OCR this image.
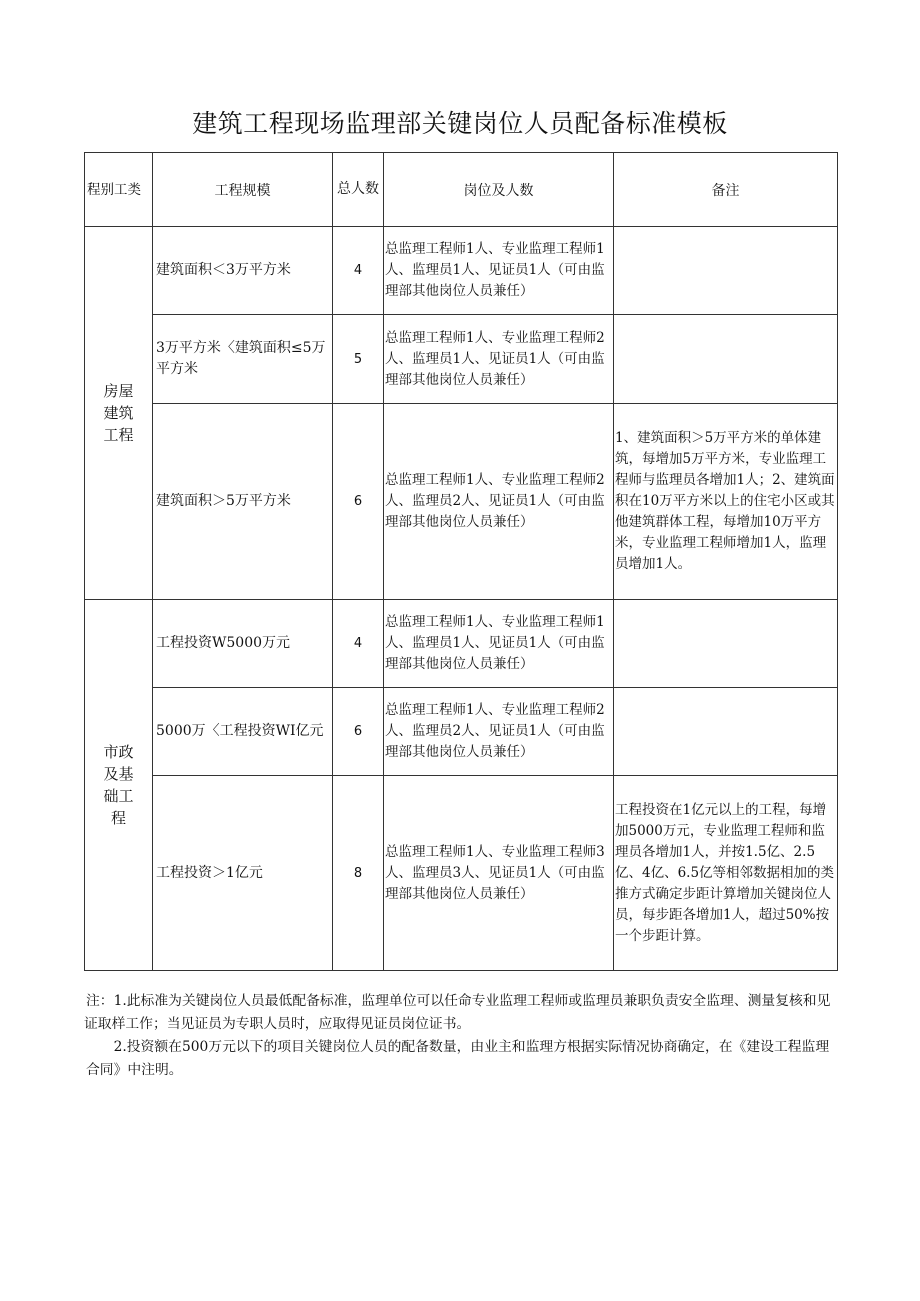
建筑工程现场监理部关键岗位人员配备标准模板
程别工类	工程规模	总人数	岗位及人数	备注

房屋建筑工程	建筑面积＜3万平方米	4	总监理工程师1人、专业监理工程师1人、监理员1人、见证员1人（可由监理部其他岗位人员兼任）	
	3万平方米〈建筑面积≤5万平方米	5	总监理工程师1人、专业监理工程师2人、监理员1人、见证员1人（可由监理部其他岗位人员兼任）	
	建筑面积＞5万平方米	6	总监理工程师1人、专业监理工程师2人、监理员2人、见证员1人（可由监理部其他岗位人员兼任）	1、建筑面积＞5万平方米的单体建筑，每增加5万平方米，专业监理工程师与监理员各增加1人；2、建筑面积在10万平方米以上的住宅小区或其他建筑群体工程，每增加10万平方米，专业监理工程师增加1人，监理员增加1人。

市政及基础工程	工程投资W5000万元	4	总监理工程师1人、专业监理工程师1人、监理员1人、见证员1人（可由监理部其他岗位人员兼任）	
	5000万〈工程投资WI亿元	6	总监理工程师1人、专业监理工程师2人、监理员2人、见证员1人（可由监理部其他岗位人员兼任）	
	工程投资＞1亿元	8	总监理工程师1人、专业监理工程师3人、监理员3人、见证员1人（可由监理部其他岗位人员兼任）	工程投资在1亿元以上的工程，每增加5000万元，专业监理工程师和监理员各增加1人，并按1.5亿、2.5亿、4亿、6.5亿等相邻数据相加的类推方式确定步距计算增加关键岗位人员，每步距各增加1人，超过50%按一个步距计算。

注：1.此标准为关键岗位人员最低配备标准，监理单位可以任命专业监理工程师或监理员兼职负责安全监理、测量复核和见证取样工作；当见证员为专职人员时，应取得见证员岗位证书。

2.投资额在500万元以下的项目关键岗位人员的配备数量，由业主和监理方根据实际情况协商确定，在《建设工程监理合同》中注明。
